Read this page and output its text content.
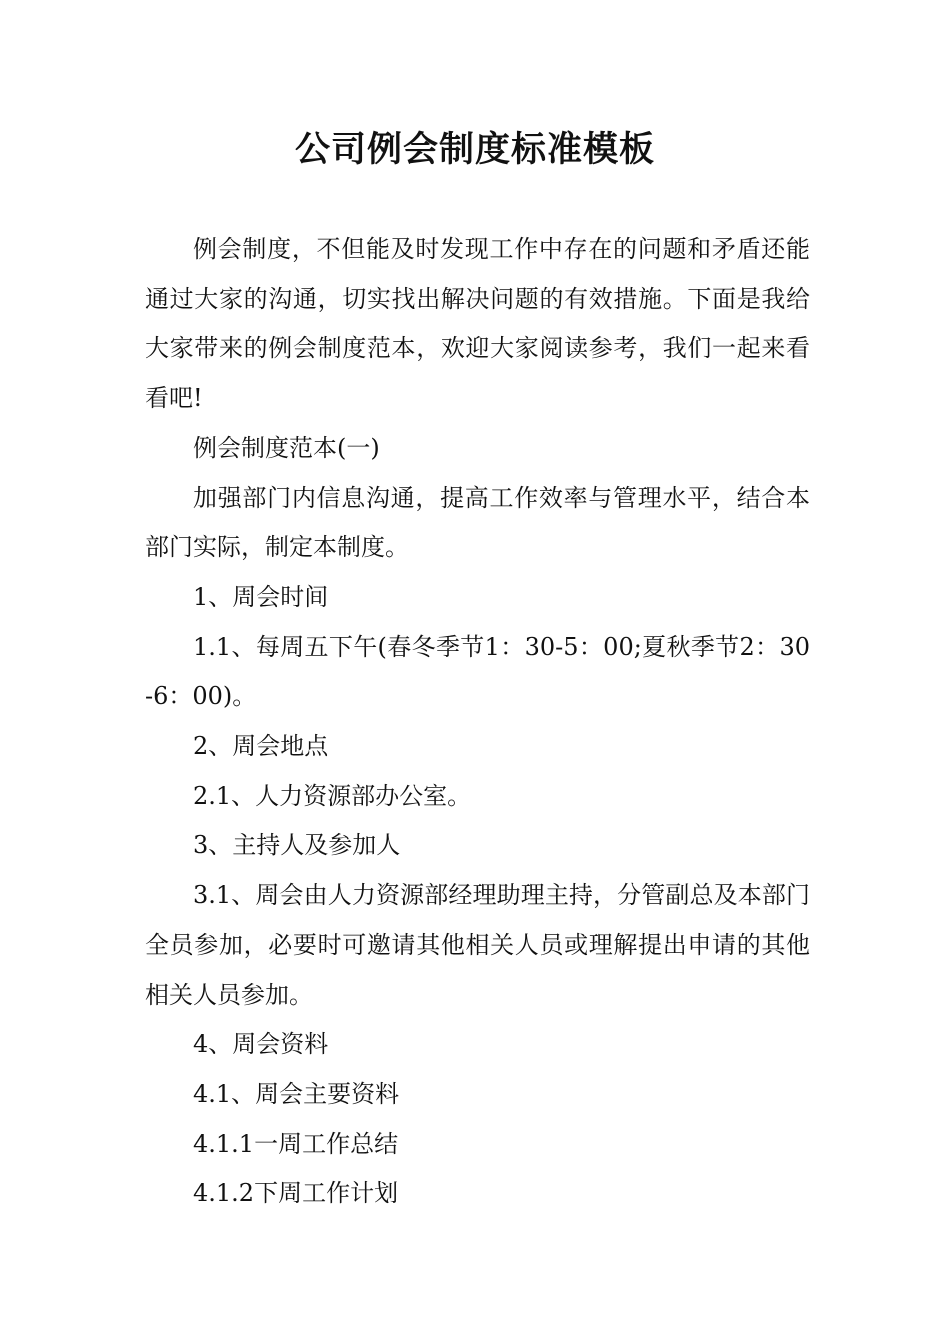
公司例会制度标准模板

例会制度，不但能及时发现工作中存在的问题和矛盾还能通过大家的沟通，切实找出解决问题的有效措施。下面是我给大家带来的例会制度范本，欢迎大家阅读参考，我们一起来看看吧!

例会制度范本(一)

加强部门内信息沟通，提高工作效率与管理水平，结合本部门实际，制定本制度。

1、周会时间

1.1、每周五下午(春冬季节1：30-5：00;夏秋季节2：30-6：00)。

2、周会地点

2.1、人力资源部办公室。

3、主持人及参加人

3.1、周会由人力资源部经理助理主持，分管副总及本部门全员参加，必要时可邀请其他相关人员或理解提出申请的其他相关人员参加。

4、周会资料

4.1、周会主要资料

4.1.1一周工作总结

4.1.2下周工作计划
